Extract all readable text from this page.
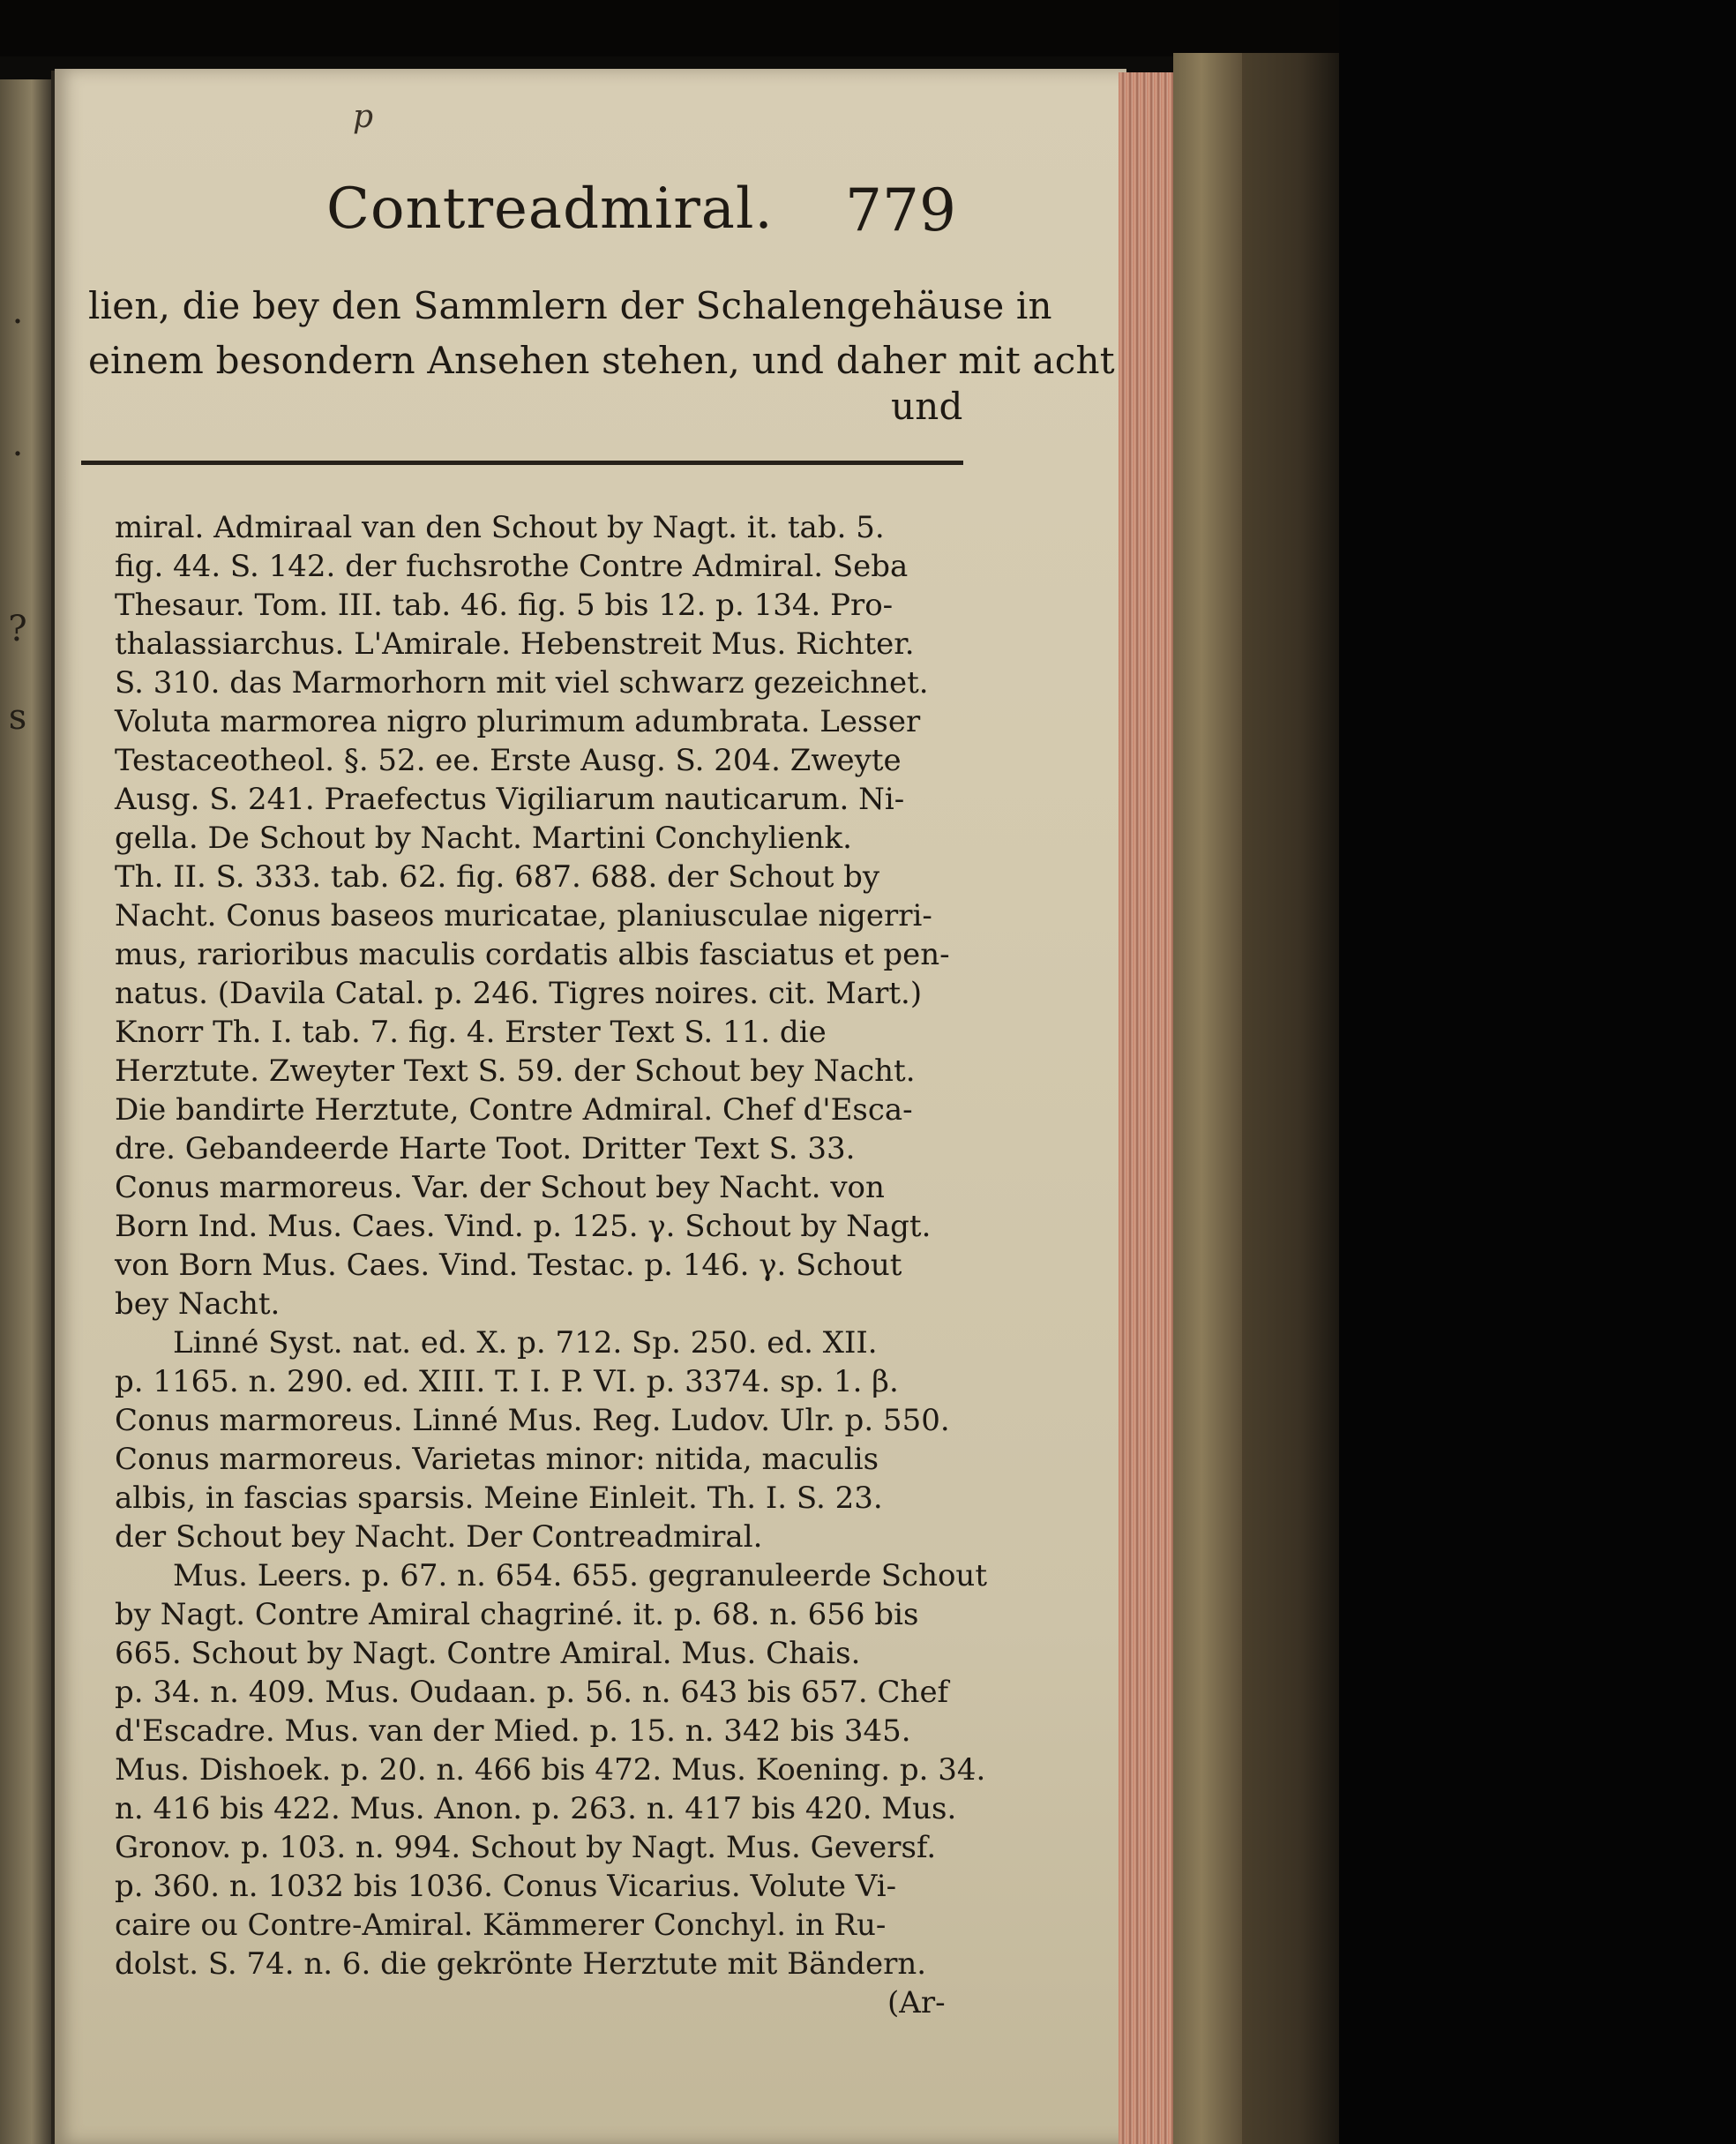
.
.
?
s
p
Contreadmiral. 779
lien, die bey den Sammlern der Schalengehäuse in
einem besondern Ansehen stehen, und daher mit acht
und
miral. Admiraal van den Schout by Nagt. it. tab. 5.
fig. 44. S. 142. der fuchsrothe Contre Admiral. Seba
Thesaur. Tom. III. tab. 46. fig. 5 bis 12. p. 134. Pro-
thalassiarchus. L'Amirale. Hebenstreit Mus. Richter.
S. 310. das Marmorhorn mit viel schwarz gezeichnet.
Voluta marmorea nigro plurimum adumbrata. Lesser
Testaceotheol. §. 52. ee. Erste Ausg. S. 204. Zweyte
Ausg. S. 241. Praefectus Vigiliarum nauticarum. Ni-
gella. De Schout by Nacht. Martini Conchylienk.
Th. II. S. 333. tab. 62. fig. 687. 688. der Schout by
Nacht. Conus baseos muricatae, planiusculae nigerri-
mus, rarioribus maculis cordatis albis fasciatus et pen-
natus. (Davila Catal. p. 246. Tigres noires. cit. Mart.)
Knorr Th. I. tab. 7. fig. 4. Erster Text S. 11. die
Herztute. Zweyter Text S. 59. der Schout bey Nacht.
Die bandirte Herztute, Contre Admiral. Chef d'Esca-
dre. Gebandeerde Harte Toot. Dritter Text S. 33.
Conus marmoreus. Var. der Schout bey Nacht. von
Born Ind. Mus. Caes. Vind. p. 125. γ. Schout by Nagt.
von Born Mus. Caes. Vind. Testac. p. 146. γ. Schout
bey Nacht.
Linné Syst. nat. ed. X. p. 712. Sp. 250. ed. XII.
p. 1165. n. 290. ed. XIII. T. I. P. VI. p. 3374. sp. 1. β.
Conus marmoreus. Linné Mus. Reg. Ludov. Ulr. p. 550.
Conus marmoreus. Varietas minor: nitida, maculis
albis, in fascias sparsis. Meine Einleit. Th. I. S. 23.
der Schout bey Nacht. Der Contreadmiral.
Mus. Leers. p. 67. n. 654. 655. gegranuleerde Schout
by Nagt. Contre Amiral chagriné. it. p. 68. n. 656 bis
665. Schout by Nagt. Contre Amiral. Mus. Chais.
p. 34. n. 409. Mus. Oudaan. p. 56. n. 643 bis 657. Chef
d'Escadre. Mus. van der Mied. p. 15. n. 342 bis 345.
Mus. Dishoek. p. 20. n. 466 bis 472. Mus. Koening. p. 34.
n. 416 bis 422. Mus. Anon. p. 263. n. 417 bis 420. Mus.
Gronov. p. 103. n. 994. Schout by Nagt. Mus. Geversf.
p. 360. n. 1032 bis 1036. Conus Vicarius. Volute Vi-
caire ou Contre-Amiral. Kämmerer Conchyl. in Ru-
dolst. S. 74. n. 6. die gekrönte Herztute mit Bändern.
(Ar-
